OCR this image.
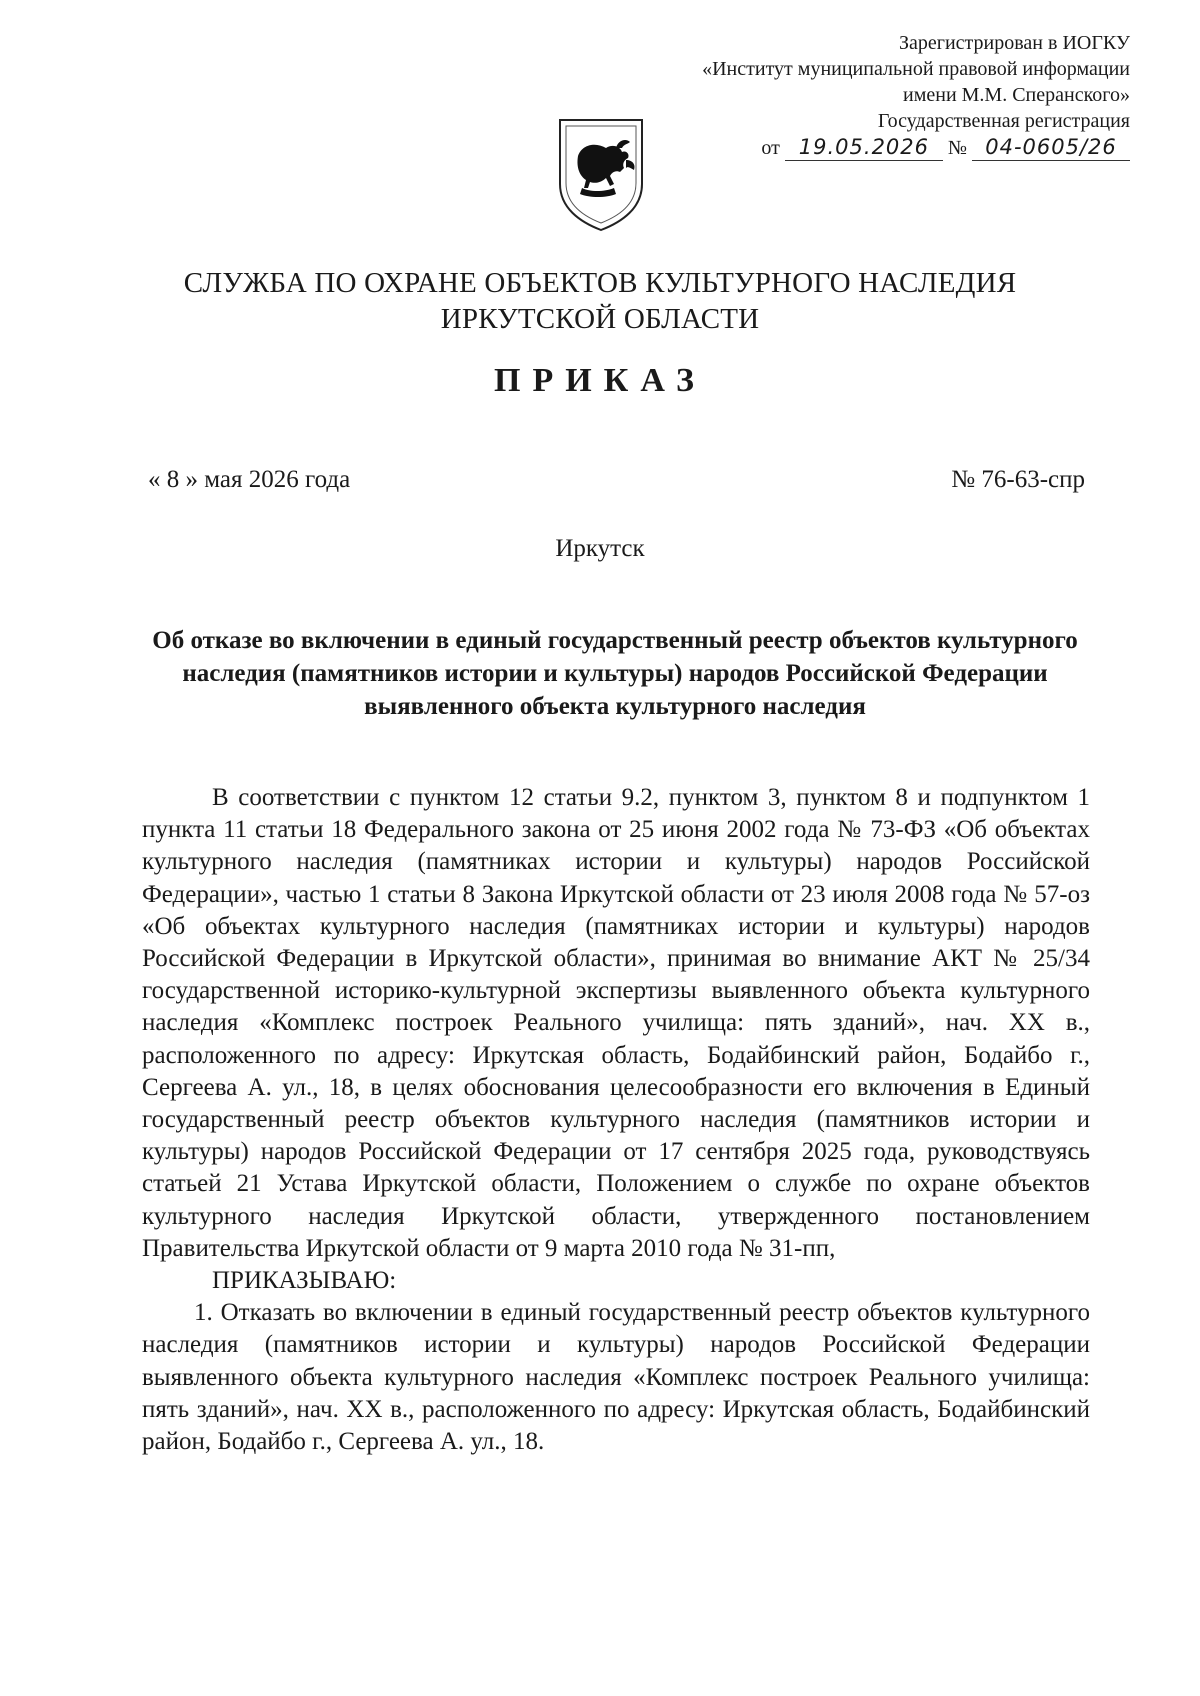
Зарегистрирован в ИОГКУ
«Институт муниципальной правовой информации
имени М.М. Сперанского»
Государственная регистрация
от 19.05.2026 № 04-0605/26
СЛУЖБА ПО ОХРАНЕ ОБЪЕКТОВ КУЛЬТУРНОГО НАСЛЕДИЯ
ИРКУТСКОЙ ОБЛАСТИ
ПРИКАЗ
« 8 » мая 2026 года	№ 76-63-спр
Иркутск
Об отказе во включении в единый государственный реестр объектов культурного наследия (памятников истории и культуры) народов Российской Федерации выявленного объекта культурного наследия

В соответствии с пунктом 12 статьи 9.2, пунктом 3, пунктом 8 и подпунктом 1 пункта 11 статьи 18 Федерального закона от 25 июня 2002 года № 73-ФЗ «Об объектах культурного наследия (памятниках истории и культуры) народов Российской Федерации», частью 1 статьи 8 Закона Иркутской области от 23 июля 2008 года № 57-оз «Об объектах культурного наследия (памятниках истории и культуры) народов Российской Федерации в Иркутской области», принимая во внимание АКТ № 25/34 государственной историко-культурной экспертизы выявленного объекта культурного наследия «Комплекс построек Реального училища: пять зданий», нач. XX в., расположенного по адресу: Иркутская область, Бодайбинский район, Бодайбо г., Сергеева А. ул., 18, в целях обоснования целесообразности его включения в Единый государственный реестр объектов культурного наследия (памятников истории и культуры) народов Российской Федерации от 17 сентября 2025 года, руководствуясь статьей 21 Устава Иркутской области, Положением о службе по охране объектов культурного наследия Иркутской области, утвержденного постановлением Правительства Иркутской области от 9 марта 2010 года № 31-пп,

ПРИКАЗЫВАЮ:

1. Отказать во включении в единый государственный реестр объектов культурного наследия (памятников истории и культуры) народов Российской Федерации выявленного объекта культурного наследия «Комплекс построек Реального училища: пять зданий», нач. XX в., расположенного по адресу: Иркутская область, Бодайбинский район, Бодайбо г., Сергеева А. ул., 18.
